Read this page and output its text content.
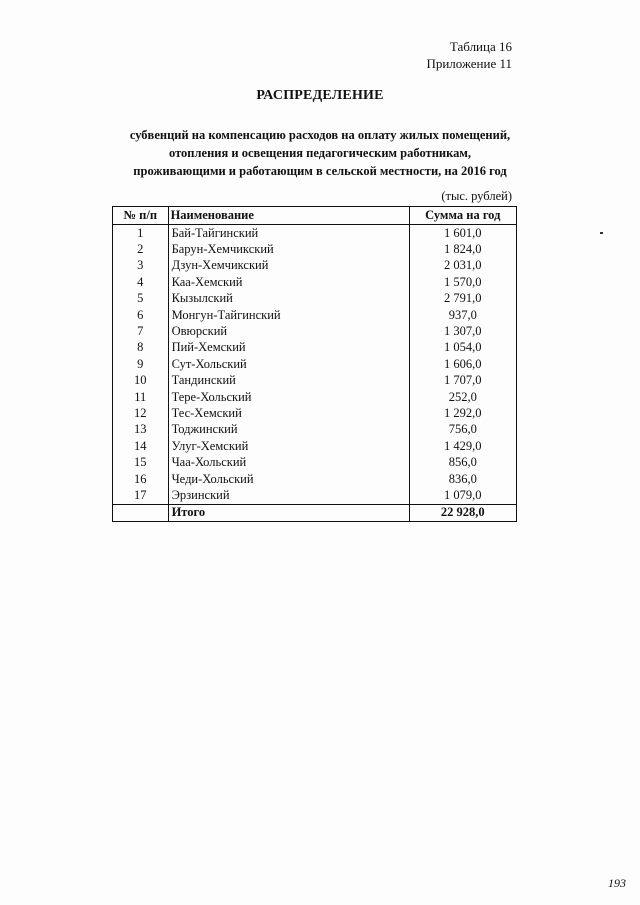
Таблица 16
Приложение 11
РАСПРЕДЕЛЕНИЕ
субвенций на компенсацию расходов на оплату жилых помещений,
отопления и освещения педагогическим работникам,
проживающими и работающим в сельской местности, на 2016 год
(тыс. рублей)
№ п/п	Наименование	Сумма на год
1	Бай-Тайгинский	1 601,0
2	Барун-Хемчикский	1 824,0
3	Дзун-Хемчикский	2 031,0
4	Каа-Хемский	1 570,0
5	Кызылский	2 791,0
6	Монгун-Тайгинский	937,0
7	Овюрский	1 307,0
8	Пий-Хемский	1 054,0
9	Сут-Хольский	1 606,0
10	Тандинский	1 707,0
11	Тере-Хольский	252,0
12	Тес-Хемский	1 292,0
13	Тоджинский	756,0
14	Улуг-Хемский	1 429,0
15	Чаа-Хольский	856,0
16	Чеди-Хольский	836,0
17	Эрзинский	1 079,0
	Итого	22 928,0
193
